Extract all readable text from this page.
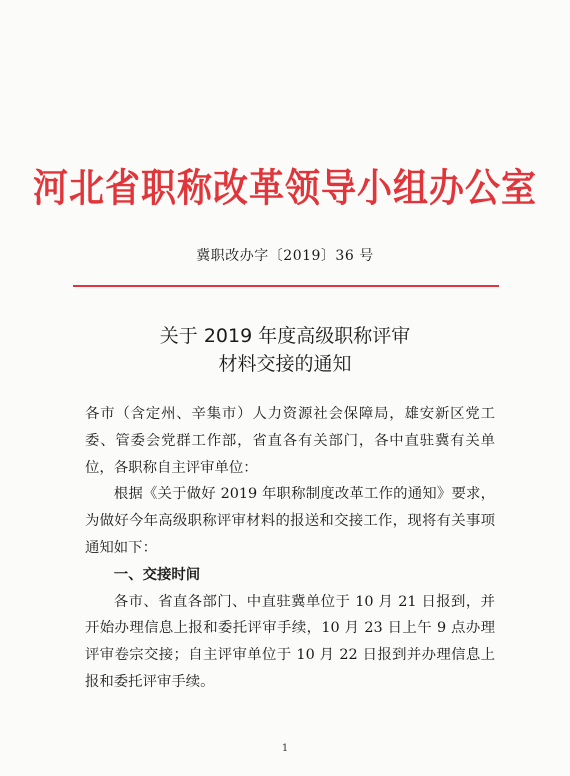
河北省职称改革领导小组办公室
冀职改办字〔2019〕36 号
关于 2019 年度高级职称评审
材料交接的通知

各市（含定州、辛集市）人力资源社会保障局，雄安新区党工委、管委会党群工作部，省直各有关部门，各中直驻冀有关单位，各职称自主评审单位：

根据《关于做好 2019 年职称制度改革工作的通知》要求，为做好今年高级职称评审材料的报送和交接工作，现将有关事项通知如下：

一、交接时间

各市、省直各部门、中直驻冀单位于 10 月 21 日报到，并开始办理信息上报和委托评审手续，10 月 23 日上午 9 点办理评审卷宗交接；自主评审单位于 10 月 22 日报到并办理信息上报和委托评审手续。

1
